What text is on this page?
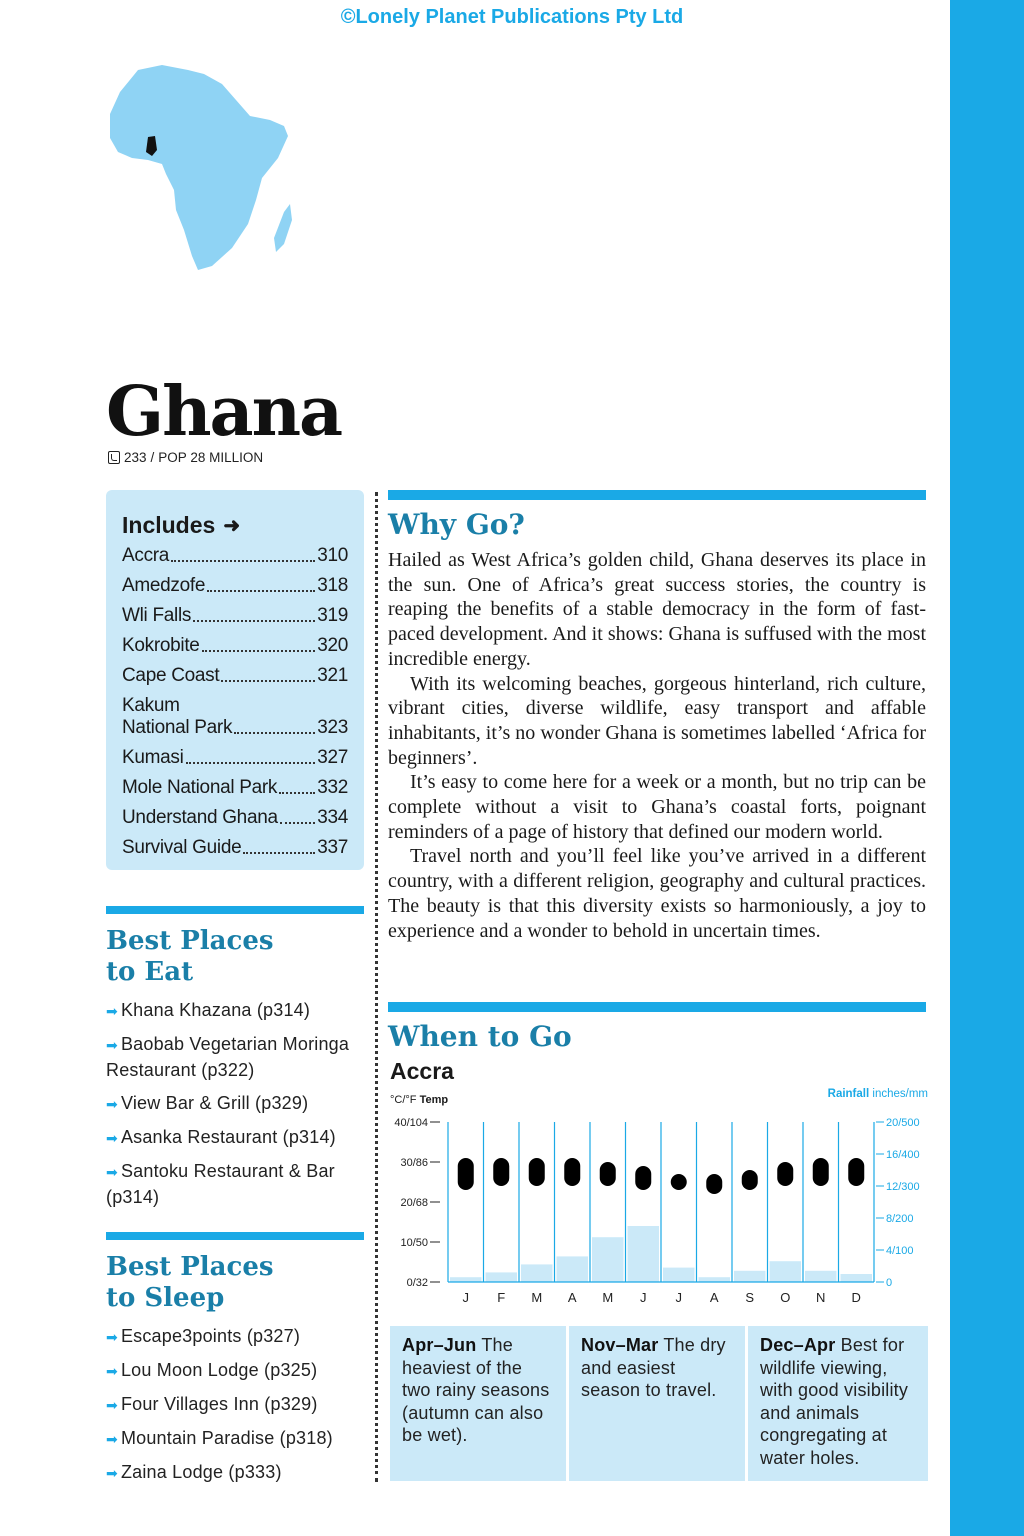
©Lonely Planet Publications Pty Ltd
Ghana
233 / POP 28 MILLION
Includes ➜
Accra	310
Amedzofe	318
Wli Falls	319
Kokrobite	320
Cape Coast	321
Kakum
National Park	323
Kumasi	327
Mole National Park 332
Understand Ghana 334
Survival Guide	337
Best Places
to Eat
➡ Khana Khazana (p314)
➡ Baobab Vegetarian Moringa Restaurant (p322)
➡ View Bar & Grill (p329)
➡ Asanka Restaurant (p314)
➡ Santoku Restaurant & Bar (p314)
Best Places
to Sleep
➡ Escape3points (p327)
➡ Lou Moon Lodge (p325)
➡ Four Villages Inn (p329)
➡ Mountain Paradise (p318)
➡ Zaina Lodge (p333)
Why Go?

Hailed as West Africa’s golden child, Ghana deserves its place in the sun. One of Africa’s great success stories, the country is reaping the benefits of a stable democracy in the form of fast-paced development. And it shows: Ghana is suffused with the most incredible energy.

With its welcoming beaches, gorgeous hinterland, rich culture, vibrant cities, diverse wildlife, easy transport and affable inhabitants, it’s no wonder Ghana is sometimes labelled ‘Africa for beginners’.

It’s easy to come here for a week or a month, but no trip can be complete without a visit to Ghana’s coastal forts, poignant reminders of a page of history that defined our modern world.

Travel north and you’ll feel like you’ve arrived in a different country, with a different religion, geography and cultural practices. The beauty is that this diversity exists so harmoniously, a joy to experience and a wonder to behold in uncertain times.

When to Go
Accra
°C/°F Temp	Rainfall inches/mm
0/32
10/50
20/68
30/86
40/104
0
4/100
8/200
12/300
16/400
20/500
J F M A M J J A S O N D
Apr–Jun The heaviest of the two rainy seasons (autumn can also be wet).
Nov–Mar The dry and easiest season to travel.
Dec–Apr Best for wildlife viewing, with good visibility and animals congregating at water holes.
